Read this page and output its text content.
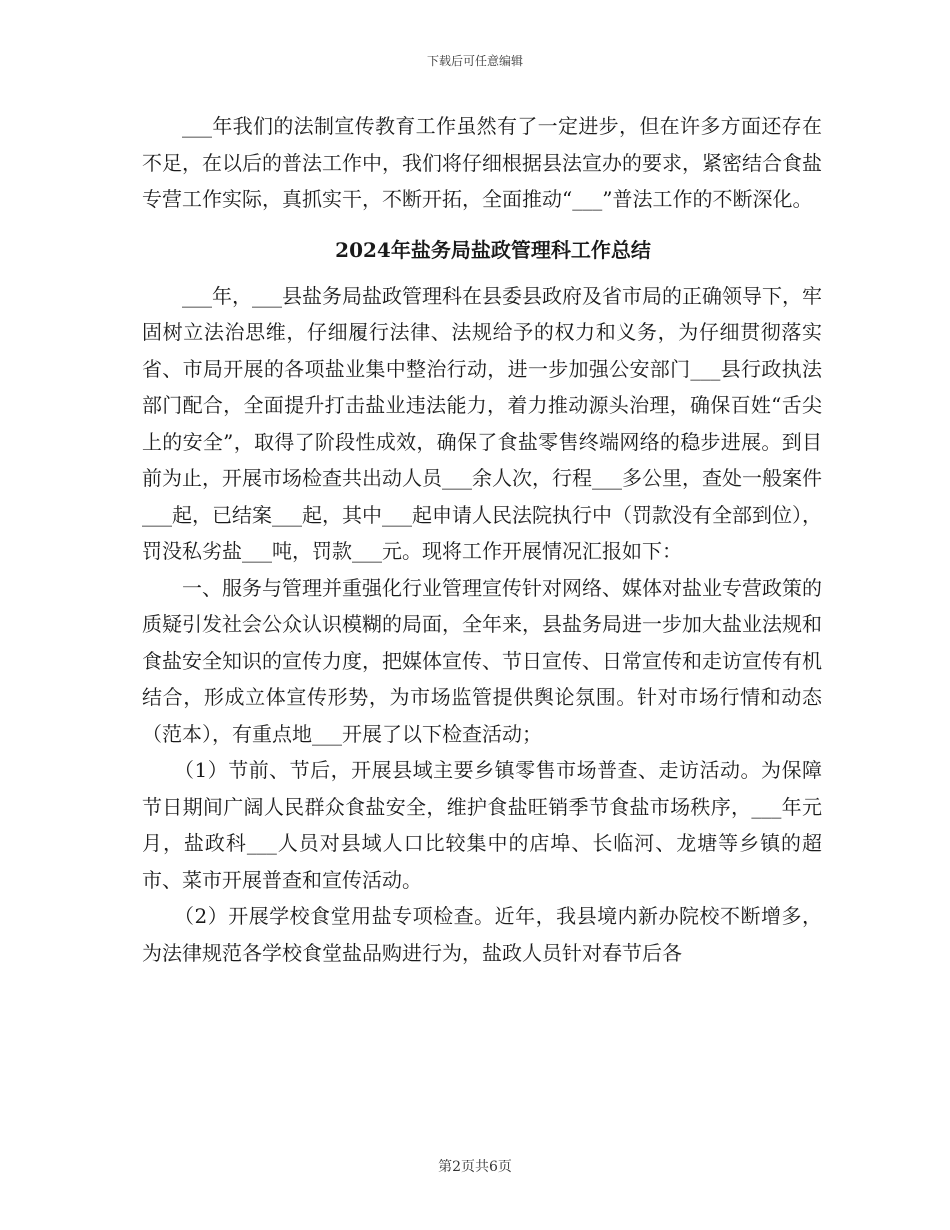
下载后可任意编辑

___年我们的法制宣传教育工作虽然有了一定进步，但在许多方面还存在不足，在以后的普法工作中，我们将仔细根据县法宣办的要求，紧密结合食盐专营工作实际，真抓实干，不断开拓，全面推动“___”普法工作的不断深化。

2024年盐务局盐政管理科工作总结

___年，___县盐务局盐政管理科在县委县政府及省市局的正确领导下，牢固树立法治思维，仔细履行法律、法规给予的权力和义务，为仔细贯彻落实省、市局开展的各项盐业集中整治行动，进一步加强公安部门___县行政执法部门配合，全面提升打击盐业违法能力，着力推动源头治理，确保百姓“舌尖上的安全”，取得了阶段性成效，确保了食盐零售终端网络的稳步进展。到目前为止，开展市场检查共出动人员___余人次，行程___多公里，查处一般案件___起，已结案___起，其中___起申请人民法院执行中（罚款没有全部到位），罚没私劣盐___吨，罚款___元。现将工作开展情况汇报如下：

一、服务与管理并重强化行业管理宣传针对网络、媒体对盐业专营政策的质疑引发社会公众认识模糊的局面，全年来，县盐务局进一步加大盐业法规和食盐安全知识的宣传力度，把媒体宣传、节日宣传、日常宣传和走访宣传有机结合，形成立体宣传形势，为市场监管提供舆论氛围。针对市场行情和动态（范本），有重点地___开展了以下检查活动；

（1）节前、节后，开展县域主要乡镇零售市场普查、走访活动。为保障节日期间广阔人民群众食盐安全，维护食盐旺销季节食盐市场秩序，___年元月，盐政科___人员对县域人口比较集中的店埠、长临河、龙塘等乡镇的超市、菜市开展普查和宣传活动。

（2）开展学校食堂用盐专项检查。近年，我县境内新办院校不断增多，为法律规范各学校食堂盐品购进行为，盐政人员针对春节后各

第2页共6页
